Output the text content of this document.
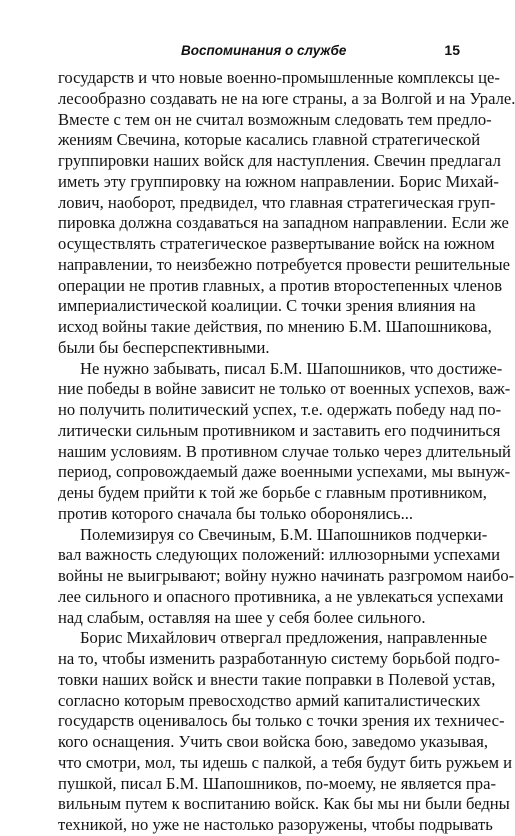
Воспоминания о службе	15
государств и что новые военно-промышленные комплексы це-
лесообразно создавать не на юге страны, а за Волгой и на Урале.
Вместе с тем он не считал возможным следовать тем предло-
жениям Свечина, которые касались главной стратегической
группировки наших войск для наступления. Свечин предлагал
иметь эту группировку на южном направлении. Борис Михай-
лович, наоборот, предвидел, что главная стратегическая груп-
пировка должна создаваться на западном направлении. Если же
осуществлять стратегическое развертывание войск на южном
направлении, то неизбежно потребуется провести решительные
операции не против главных, а против второстепенных членов
империалистической коалиции. С точки зрения влияния на
исход войны такие действия, по мнению Б.М. Шапошникова,
были бы бесперспективными.
Не нужно забывать, писал Б.М. Шапошников, что достиже-
ние победы в войне зависит не только от военных успехов, важ-
но получить политический успех, т.е. одержать победу над по-
литически сильным противником и заставить его подчиниться
нашим условиям. В противном случае только через длительный
период, сопровождаемый даже военными успехами, мы вынуж-
дены будем прийти к той же борьбе с главным противником,
против которого сначала бы только оборонялись...
Полемизируя со Свечиным, Б.М. Шапошников подчерки-
вал важность следующих положений: иллюзорными успехами
войны не выигрывают; войну нужно начинать разгромом наибо-
лее сильного и опасного противника, а не увлекаться успехами
над слабым, оставляя на шее у себя более сильного.
Борис Михайлович отвергал предложения, направленные
на то, чтобы изменить разработанную систему борьбой подго-
товки наших войск и внести такие поправки в Полевой устав,
согласно которым превосходство армий капиталистических
государств оценивалось бы только с точки зрения их техничес-
кого оснащения. Учить свои войска бою, заведомо указывая,
что смотри, мол, ты идешь с палкой, а тебя будут бить ружьем и
пушкой, писал Б.М. Шапошников, по-моему, не является пра-
вильным путем к воспитанию войск. Как бы мы ни были бедны
техникой, но уже не настолько разоружены, чтобы подрывать
